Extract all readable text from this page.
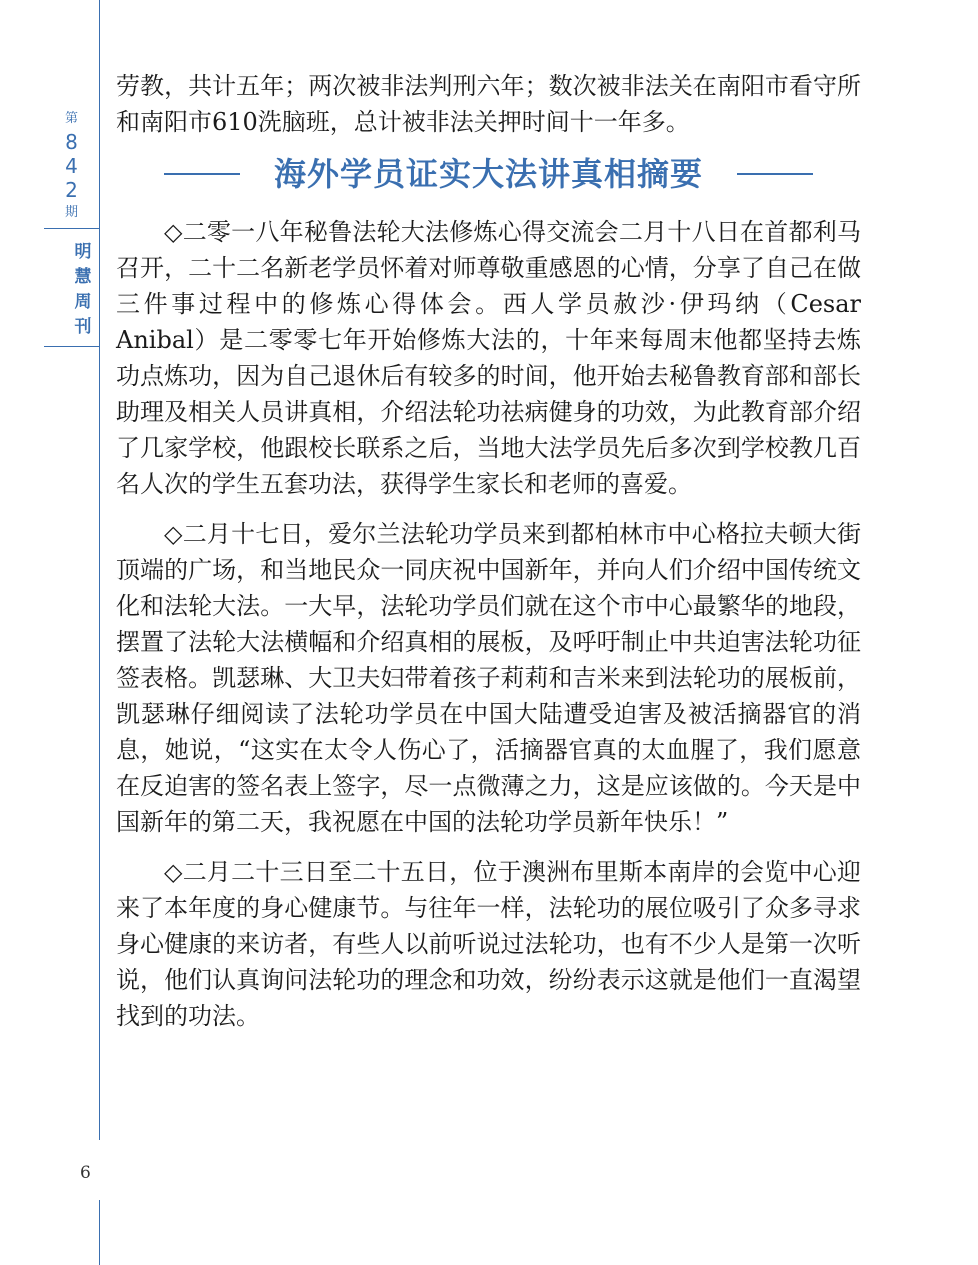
第
8
4
2
期
明
慧
周
刊
6

劳教，共计五年；两次被非法判刑六年；数次被非法关在南阳市看守所和南阳市610洗脑班，总计被非法关押时间十一年多。

海外学员证实大法讲真相摘要

◇二零一八年秘鲁法轮大法修炼心得交流会二月十八日在首都利马召开，二十二名新老学员怀着对师尊敬重感恩的心情，分享了自己在做三件事过程中的修炼心得体会。西人学员赦沙·伊玛纳（Cesar Anibal）是二零零七年开始修炼大法的，十年来每周末他都坚持去炼功点炼功，因为自己退休后有较多的时间，他开始去秘鲁教育部和部长助理及相关人员讲真相，介绍法轮功祛病健身的功效，为此教育部介绍了几家学校，他跟校长联系之后，当地大法学员先后多次到学校教几百名人次的学生五套功法，获得学生家长和老师的喜爱。

◇二月十七日，爱尔兰法轮功学员来到都柏林市中心格拉夫顿大街顶端的广场，和当地民众一同庆祝中国新年，并向人们介绍中国传统文化和法轮大法。一大早，法轮功学员们就在这个市中心最繁华的地段，摆置了法轮大法横幅和介绍真相的展板，及呼吁制止中共迫害法轮功征签表格。凯瑟琳、大卫夫妇带着孩子莉莉和吉米来到法轮功的展板前，凯瑟琳仔细阅读了法轮功学员在中国大陆遭受迫害及被活摘器官的消息，她说，“这实在太令人伤心了，活摘器官真的太血腥了，我们愿意在反迫害的签名表上签字，尽一点微薄之力，这是应该做的。今天是中国新年的第二天，我祝愿在中国的法轮功学员新年快乐！”

◇二月二十三日至二十五日，位于澳洲布里斯本南岸的会览中心迎来了本年度的身心健康节。与往年一样，法轮功的展位吸引了众多寻求身心健康的来访者，有些人以前听说过法轮功，也有不少人是第一次听说，他们认真询问法轮功的理念和功效，纷纷表示这就是他们一直渴望找到的功法。
